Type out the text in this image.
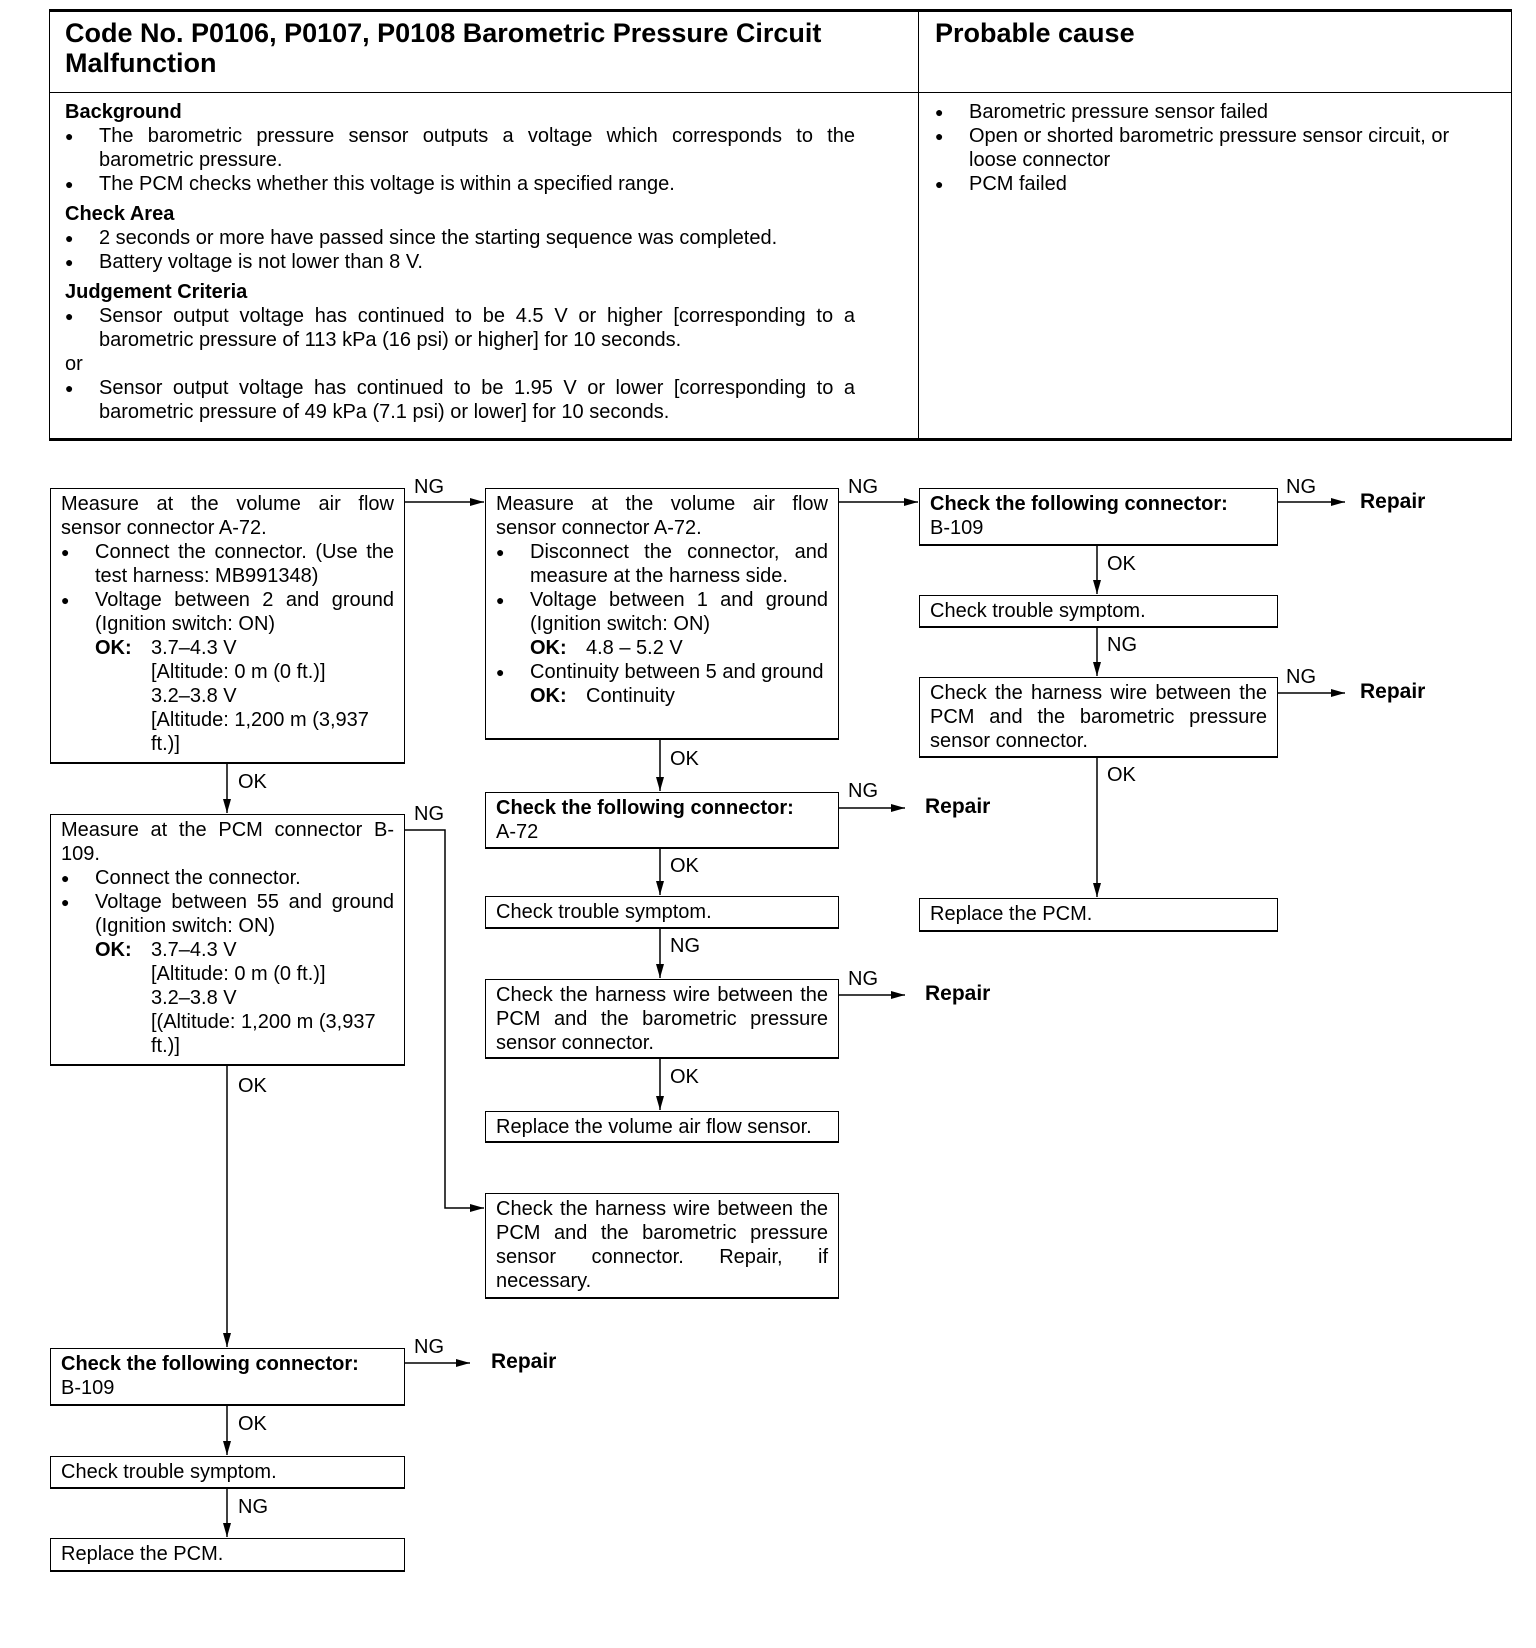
Code No. P0106, P0107, P0108 Barometric Pressure Circuit Malfunction
Probable cause
Background
● The barometric pressure sensor outputs a voltage which corresponds to the barometric pressure.
● The PCM checks whether this voltage is within a specified range.
Check Area
● 2 seconds or more have passed since the starting sequence was completed.
● Battery voltage is not lower than 8 V.
Judgement Criteria
● Sensor output voltage has continued to be 4.5 V or higher [corresponding to a barometric pressure of 113 kPa (16 psi) or higher] for 10 seconds.
or
● Sensor output voltage has continued to be 1.95 V or lower [corresponding to a barometric pressure of 49 kPa (7.1 psi) or lower] for 10 seconds.
● Barometric pressure sensor failed
● Open or shorted barometric pressure sensor circuit, or loose connector
● PCM failed
Measure at the volume air flow sensor connector A-72.
● Connect the connector. (Use the test harness: MB991348)
● Voltage between 2 and ground (Ignition switch: ON)
OK: 3.7–4.3 V
[Altitude: 0 m (0 ft.)]
3.2–3.8 V
[Altitude: 1,200 m (3,937 ft.)]
Measure at the PCM connector B-109.
● Connect the connector.
● Voltage between 55 and ground (Ignition switch: ON)
OK: 3.7–4.3 V
[Altitude: 0 m (0 ft.)]
3.2–3.8 V
[(Altitude: 1,200 m (3,937 ft.)]
Check the following connector:
B-109
Check trouble symptom.
Replace the PCM.
Measure at the volume air flow sensor connector A-72.
● Disconnect the connector, and measure at the harness side.
● Voltage between 1 and ground (Ignition switch: ON)
OK: 4.8 – 5.2 V
● Continuity between 5 and ground
OK: Continuity
Check the following connector:
A-72
Check trouble symptom.
Check the harness wire between the PCM and the barometric pressure sensor connector.
Replace the volume air flow sensor.
Check the harness wire between the PCM and the barometric pressure sensor connector. Repair, if necessary.
Check the following connector:
B-109
Check trouble symptom.
Check the harness wire between the PCM and the barometric pressure sensor connector.
Replace the PCM.
NG	NG	NG
NG
NG
NG
NG
NG
OK
OK
OK
NG
OK
OK
NG
OK
OK
NG
OK
Repair
Repair
Repair
Repair
Repair
